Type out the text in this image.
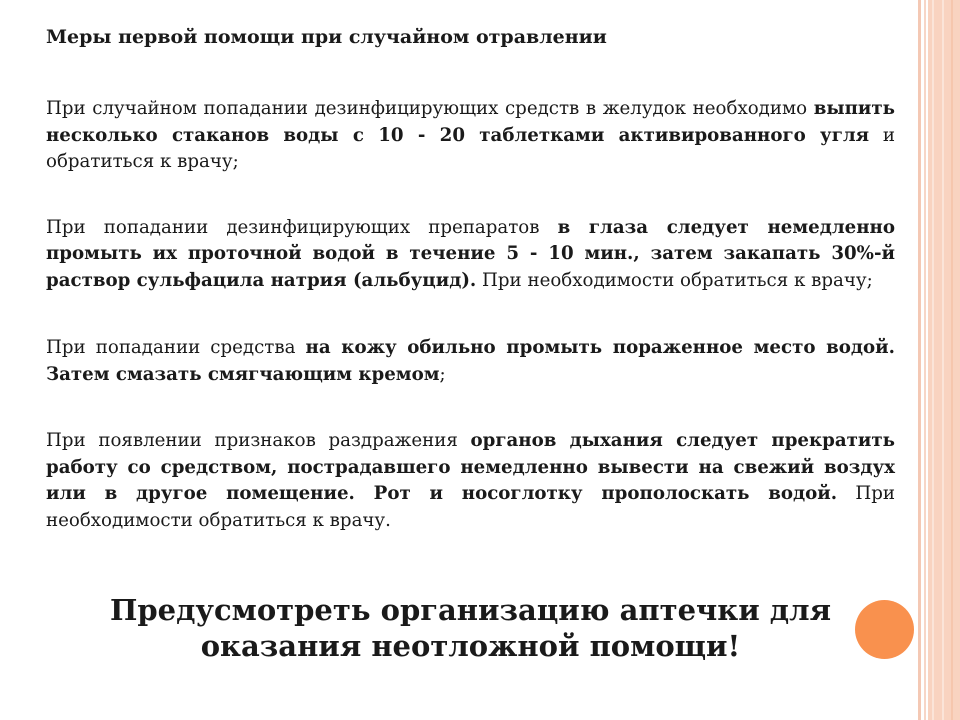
Меры первой помощи при случайном отравлении

При случайном попадании дезинфицирующих средств в желудок необходимо выпить несколько стаканов воды с 10 - 20 таблетками активированного угля и обратиться к врачу;

При попадании дезинфицирующих препаратов в глаза следует немедленно промыть их проточной водой в течение 5 - 10 мин., затем закапать 30%-й раствор сульфацила натрия (альбуцид). При необходимости обратиться к врачу;

При попадании средства на кожу обильно промыть пораженное место водой. Затем смазать смягчающим кремом;

При появлении признаков раздражения органов дыхания следует прекратить работу со средством, пострадавшего немедленно вывести на свежий воздух или в другое помещение. Рот и носоглотку прополоскать водой. При необходимости обратиться к врачу.

Предусмотреть организацию аптечки для
оказания неотложной помощи!
